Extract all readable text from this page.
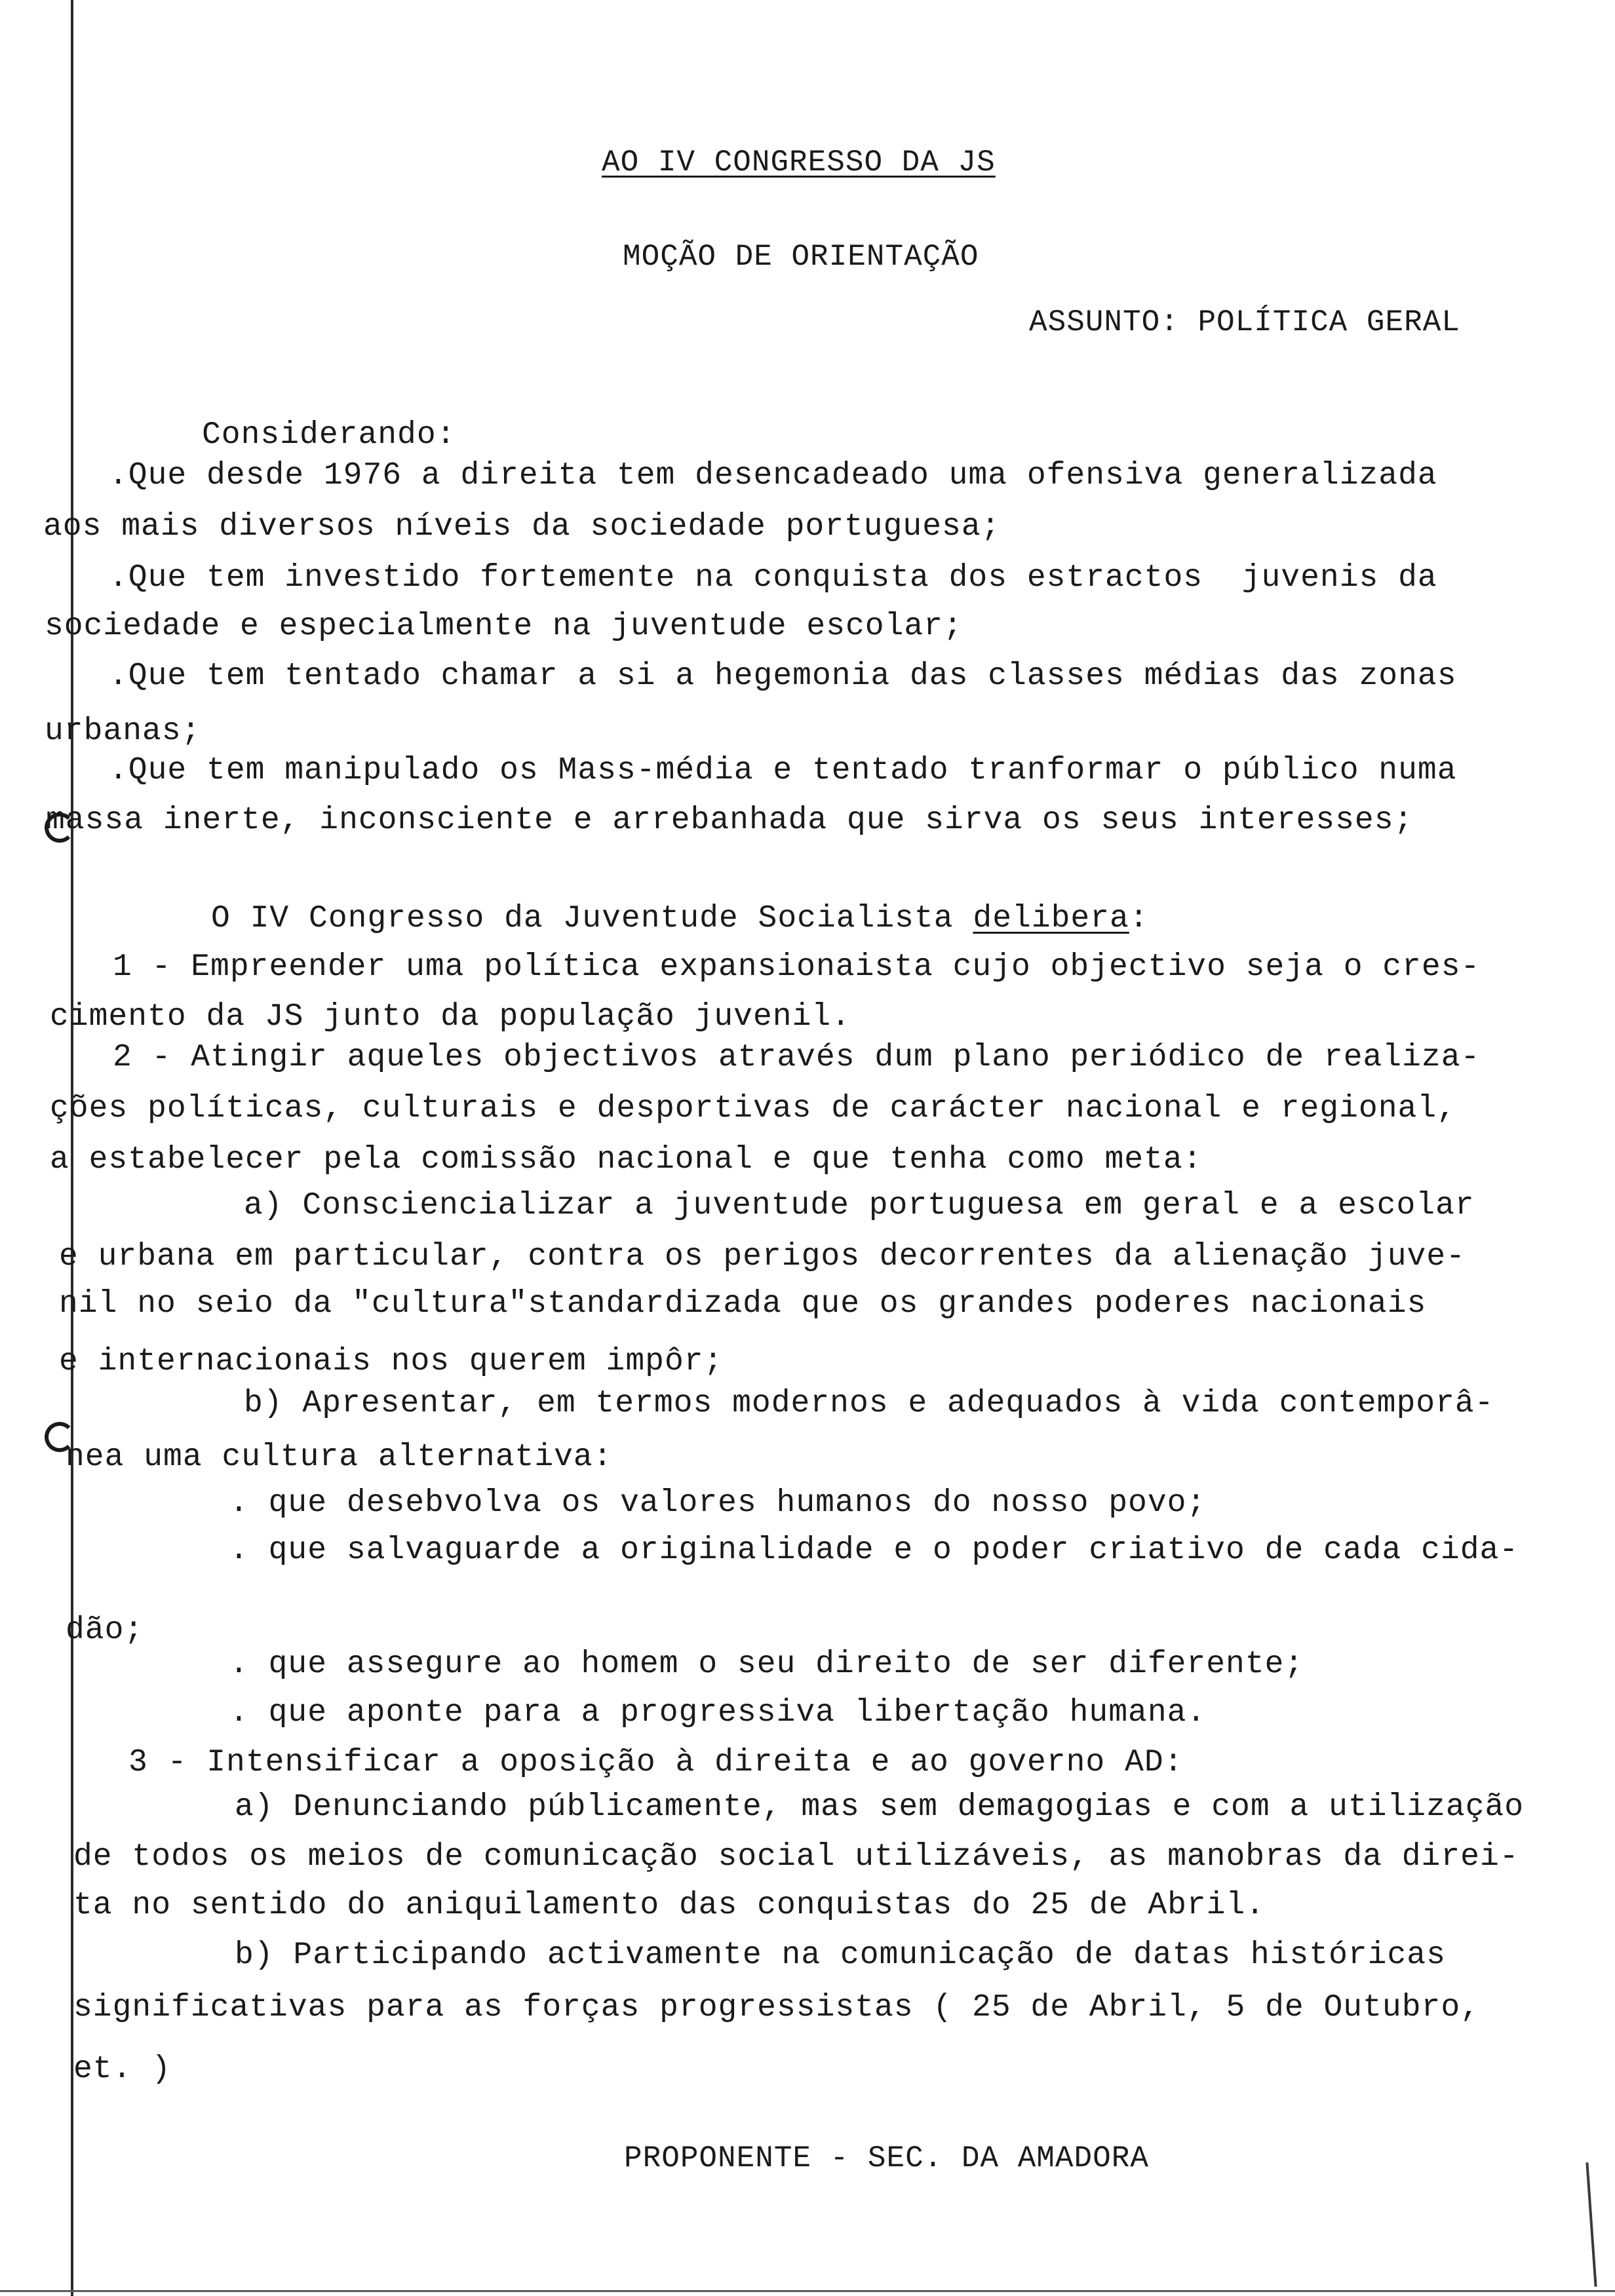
AO IV CONGRESSO DA JS
MOÇÃO DE ORIENTAÇÃO
ASSUNTO: POLÍTICA GERAL
Considerando:
.Que desde 1976 a direita tem desencadeado uma ofensiva generalizada
aos mais diversos níveis da sociedade portuguesa;
.Que tem investido fortemente na conquista dos estractos  juvenis da
sociedade e especialmente na juventude escolar;
.Que tem tentado chamar a si a hegemonia das classes médias das zonas
urbanas;
.Que tem manipulado os Mass-média e tentado tranformar o público numa
massa inerte, inconsciente e arrebanhada que sirva os seus interesses;
O IV Congresso da Juventude Socialista delibera:
1 - Empreender uma política expansionaista cujo objectivo seja o cres-
cimento da JS junto da população juvenil.
2 - Atingir aqueles objectivos através dum plano periódico de realiza-
ções políticas, culturais e desportivas de carácter nacional e regional,
a estabelecer pela comissão nacional e que tenha como meta:
a) Consciencializar a juventude portuguesa em geral e a escolar
e urbana em particular, contra os perigos decorrentes da alienação juve-
nil no seio da "cultura"standardizada que os grandes poderes nacionais
e internacionais nos querem impôr;
b) Apresentar, em termos modernos e adequados à vida contemporâ-
nea uma cultura alternativa:
. que desebvolva os valores humanos do nosso povo;
. que salvaguarde a originalidade e o poder criativo de cada cida-
dão;
. que assegure ao homem o seu direito de ser diferente;
. que aponte para a progressiva libertação humana.
3 - Intensificar a oposição à direita e ao governo AD:
a) Denunciando públicamente, mas sem demagogias e com a utilização
de todos os meios de comunicação social utilizáveis, as manobras da direi-
ta no sentido do aniquilamento das conquistas do 25 de Abril.
b) Participando activamente na comunicação de datas históricas
significativas para as forças progressistas ( 25 de Abril, 5 de Outubro,
et. )
PROPONENTE - SEC. DA AMADORA
